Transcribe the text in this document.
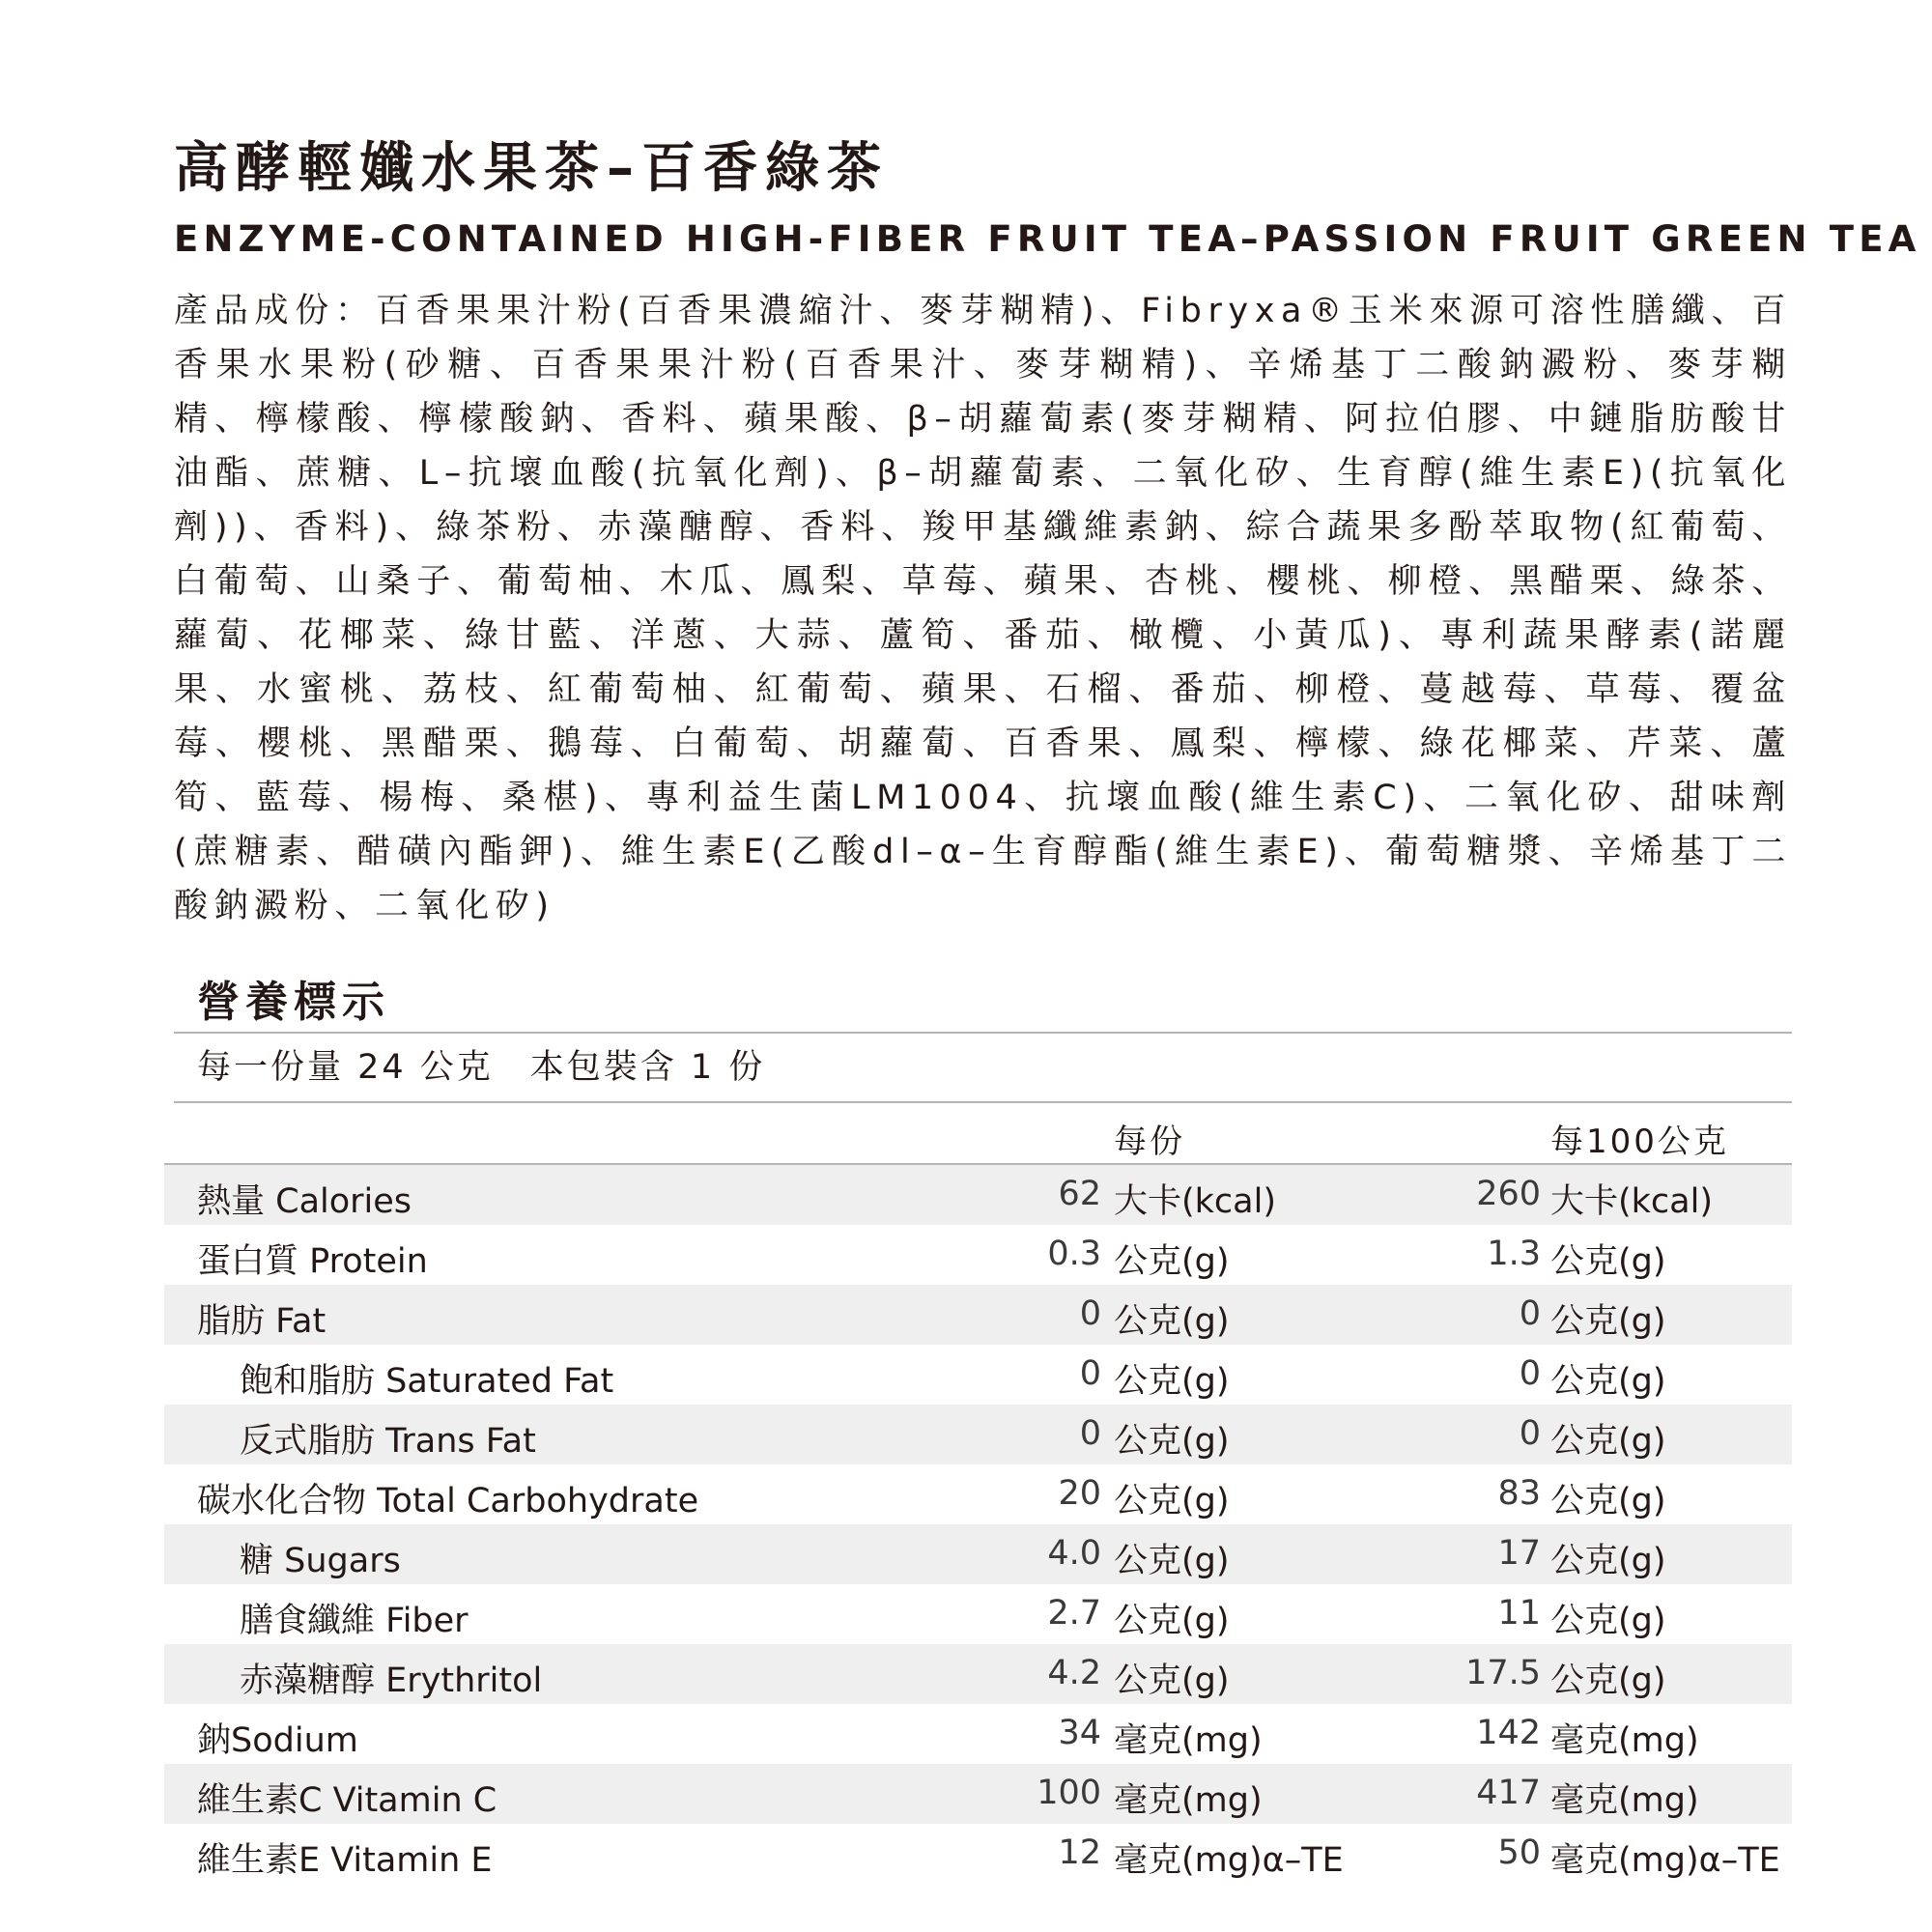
高酵輕孅水果茶–百香綠茶
ENZYME-CONTAINED HIGH-FIBER FRUIT TEA–PASSION FRUIT GREEN TEA
產品成份：百香果果汁粉(百香果濃縮汁、麥芽糊精)、Fibryxa®玉米來源可溶性膳纖、百香果水果粉(砂糖、百香果果汁粉(百香果汁、麥芽糊精)、辛烯基丁二酸鈉澱粉、麥芽糊精、檸檬酸、檸檬酸鈉、香料、蘋果酸、β–胡蘿蔔素(麥芽糊精、阿拉伯膠、中鏈脂肪酸甘油酯、蔗糖、L–抗壞血酸(抗氧化劑)、β–胡蘿蔔素、二氧化矽、生育醇(維生素E)(抗氧化劑))、香料)、綠茶粉、赤藻醣醇、香料、羧甲基纖維素鈉、綜合蔬果多酚萃取物(紅葡萄、白葡萄、山桑子、葡萄柚、木瓜、鳳梨、草莓、蘋果、杏桃、櫻桃、柳橙、黑醋栗、綠茶、蘿蔔、花椰菜、綠甘藍、洋蔥、大蒜、蘆筍、番茄、橄欖、小黃瓜)、專利蔬果酵素(諾麗果、水蜜桃、荔枝、紅葡萄柚、紅葡萄、蘋果、石榴、番茄、柳橙、蔓越莓、草莓、覆盆莓、櫻桃、黑醋栗、鵝莓、白葡萄、胡蘿蔔、百香果、鳳梨、檸檬、綠花椰菜、芹菜、蘆筍、藍莓、楊梅、桑椹)、專利益生菌LM1004、抗壞血酸(維生素C)、二氧化矽、甜味劑(蔗糖素、醋磺內酯鉀)、維生素E(乙酸dl–α–生育醇酯(維生素E)、葡萄糖漿、辛烯基丁二酸鈉澱粉、二氧化矽)
營養標示
每一份量 24 公克　本包裝含 1 份
每份	每100公克
熱量 Calories	62 大卡(kcal)	260 大卡(kcal)
蛋白質 Protein	0.3 公克(g)	1.3 公克(g)
脂肪 Fat	0 公克(g)	0 公克(g)
飽和脂肪 Saturated Fat	0 公克(g)	0 公克(g)
反式脂肪 Trans Fat	0 公克(g)	0 公克(g)
碳水化合物 Total Carbohydrate	20 公克(g)	83 公克(g)
糖 Sugars	4.0 公克(g)	17 公克(g)
膳食纖維 Fiber	2.7 公克(g)	11 公克(g)
赤藻糖醇 Erythritol	4.2 公克(g)	17.5 公克(g)
鈉Sodium	34 毫克(mg)	142 毫克(mg)
維生素C Vitamin C	100 毫克(mg)	417 毫克(mg)
維生素E Vitamin E	12 毫克(mg)α–TE	50 毫克(mg)α–TE
